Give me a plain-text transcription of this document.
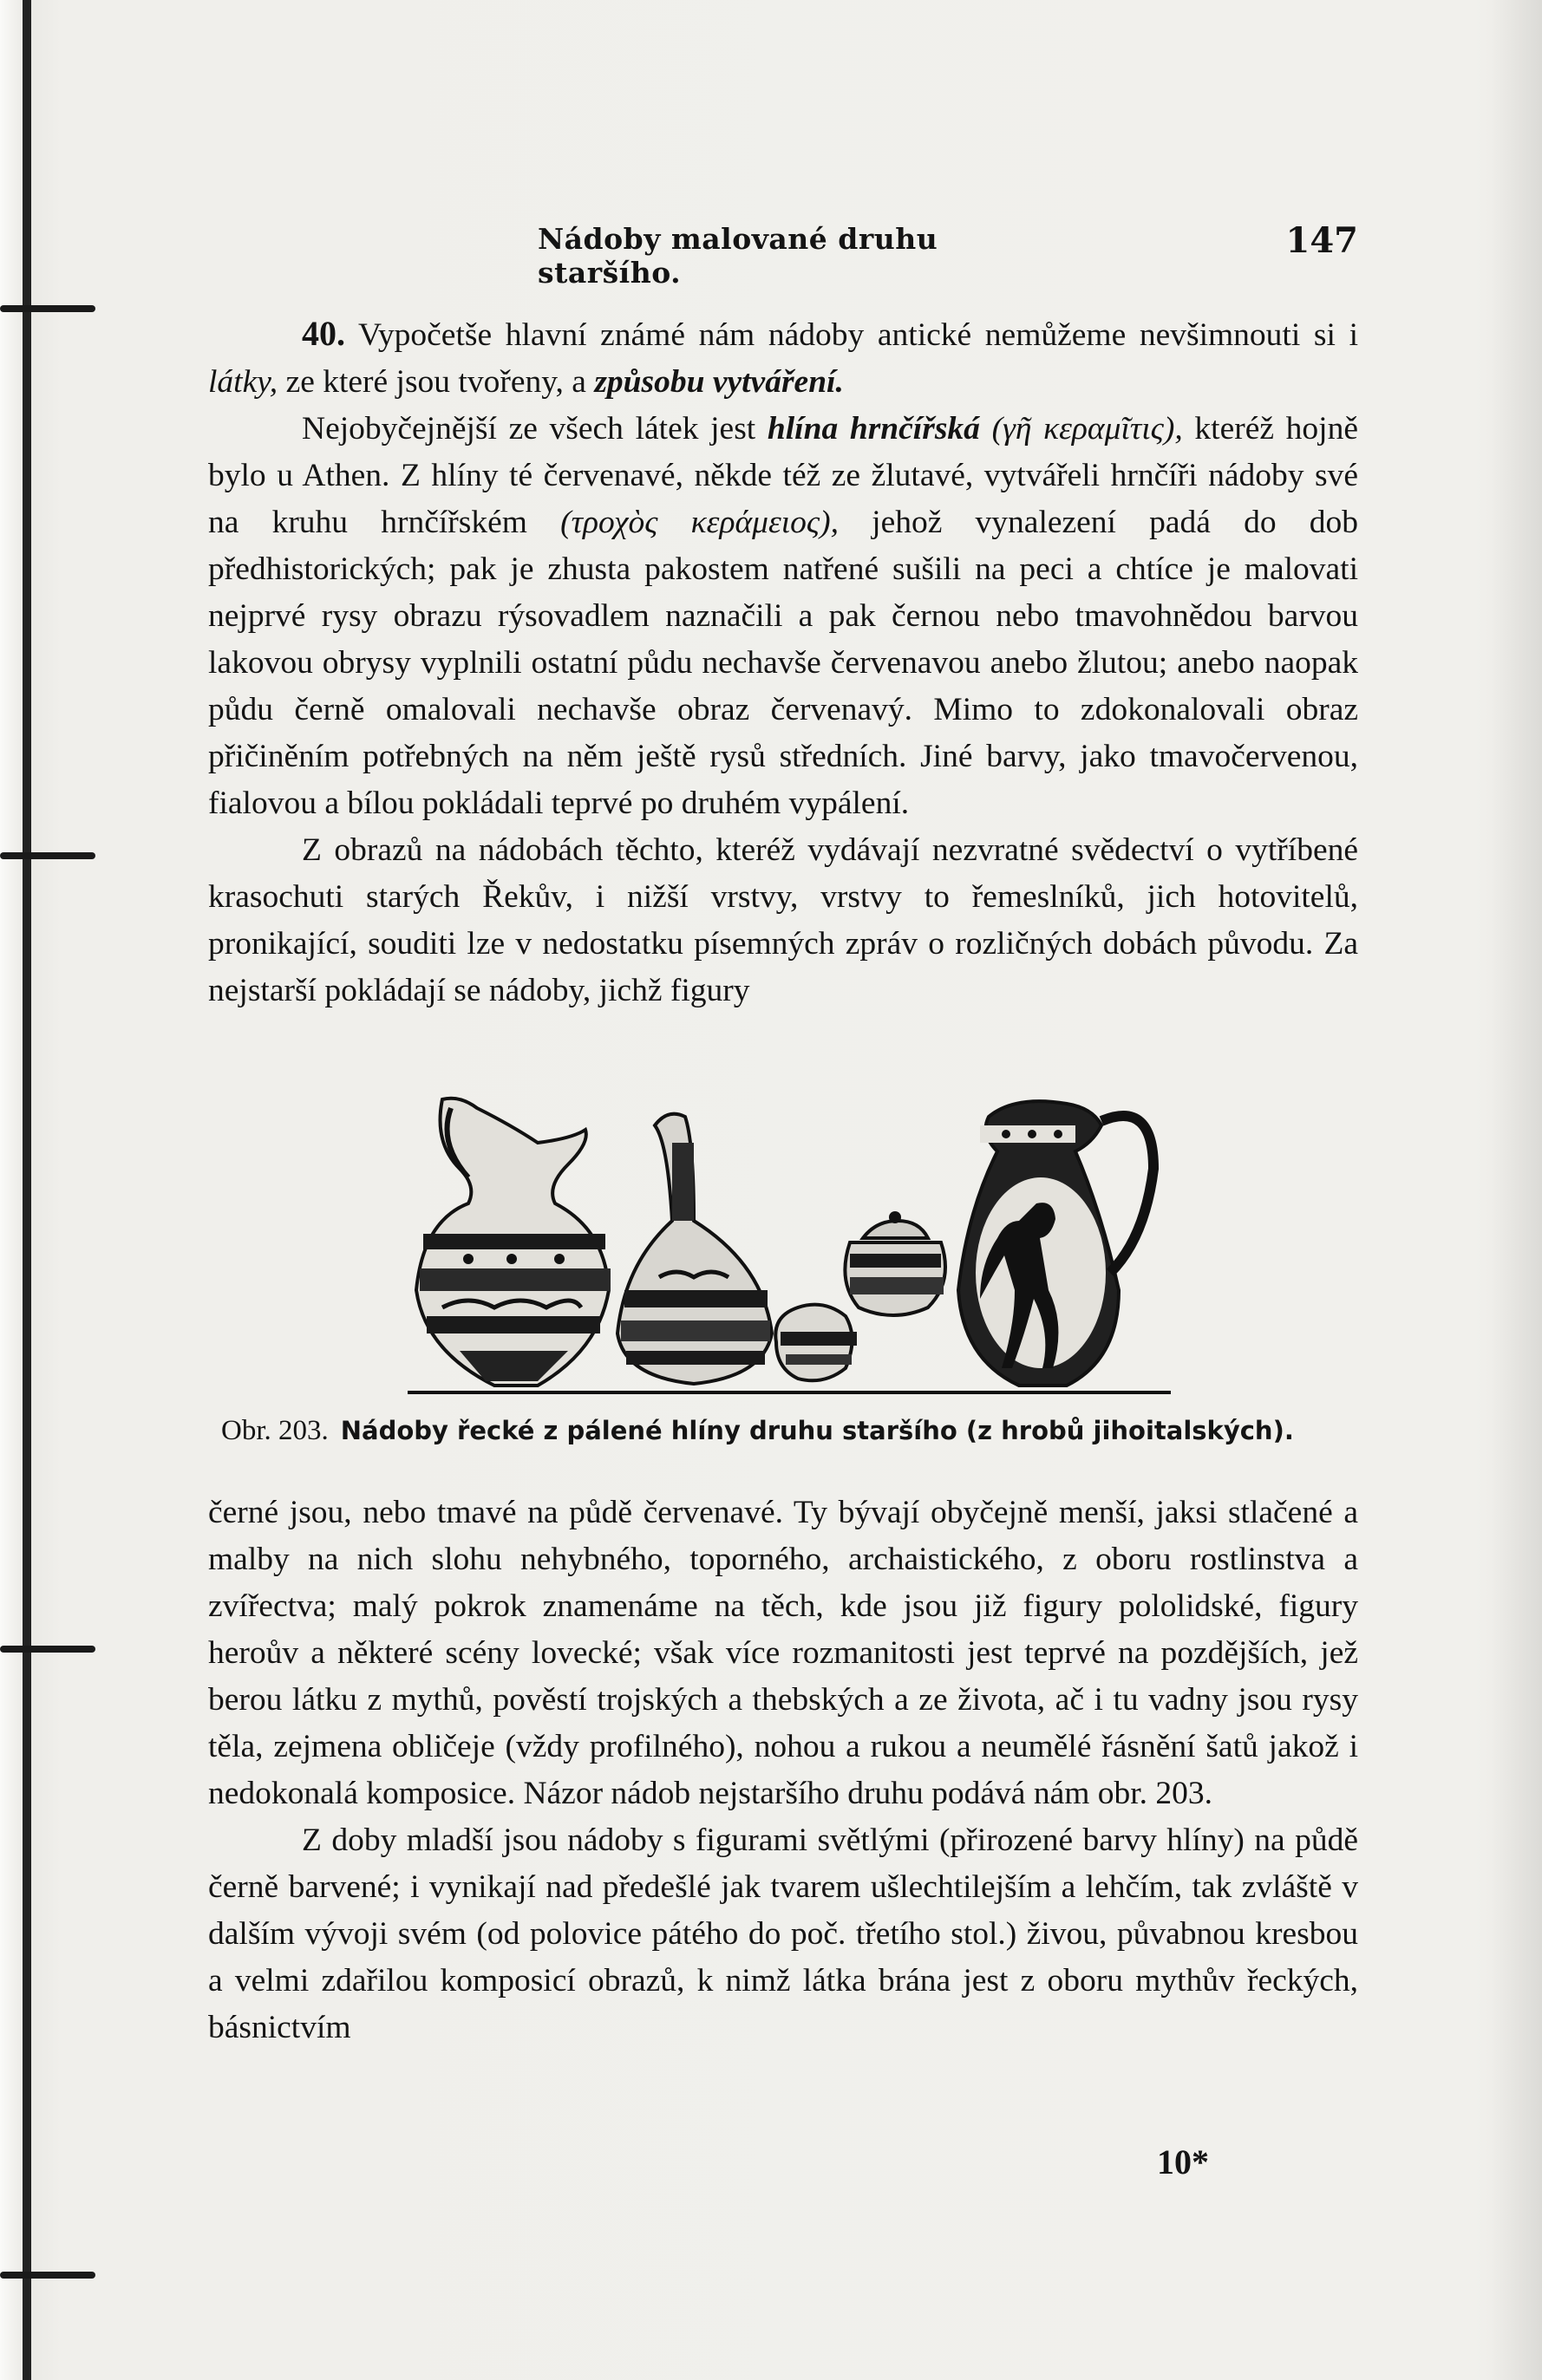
Nádoby malované druhu staršího.
147

40. Vypočetše hlavní známé nám nádoby antické nemůžeme nevšimnouti si i látky, ze které jsou tvořeny, a způsobu vytváření.

Nejobyčejnější ze všech látek jest hlína hrnčířská (γῆ κεραμῖτις), kteréž hojně bylo u Athen. Z hlíny té červenavé, někde též ze žlutavé, vytvářeli hrnčíři nádoby své na kruhu hrnčířském (τροχὸς κεράμειος), jehož vynalezení padá do dob předhistorických; pak je zhusta pakostem natřené sušili na peci a chtíce je malovati nejprvé rysy obrazu rýsovadlem naznačili a pak černou nebo tmavohnědou barvou lakovou obrysy vyplnili ostatní půdu nechavše červenavou anebo žlutou; anebo naopak půdu černě omalovali nechavše obraz červenavý. Mimo to zdokonalovali obraz přičiněním potřebných na něm ještě rysů středních. Jiné barvy, jako tmavočervenou, fialovou a bílou pokládali teprvé po druhém vypálení.

Z obrazů na nádobách těchto, kteréž vydávají nezvratné svědectví o vytříbené krasochuti starých Řekův, i nižší vrstvy, vrstvy to řemeslníků, jich hotovitelů, pronikající, souditi lze v nedostatku písemných zpráv o rozličných dobách původu. Za nejstarší pokládají se nádoby, jichž figury

Obr. 203. Nádoby řecké z pálené hlíny druhu staršího (z hrobů jihoitalských).

černé jsou, nebo tmavé na půdě červenavé. Ty bývají obyčejně menší, jaksi stlačené a malby na nich slohu nehybného, toporného, archaistického, z oboru rostlinstva a zvířectva; malý pokrok znamenáme na těch, kde jsou již figury pololidské, figury heroův a některé scény lovecké; však více rozmanitosti jest teprvé na pozdějších, jež berou látku z mythů, pověstí trojských a thebských a ze života, ač i tu vadny jsou rysy těla, zejmena obličeje (vždy profilného), nohou a rukou a neumělé řásnění šatů jakož i nedokonalá komposice. Názor nádob nejstaršího druhu podává nám obr. 203.

Z doby mladší jsou nádoby s figurami světlými (přirozené barvy hlíny) na půdě černě barvené; i vynikají nad předešlé jak tvarem ušlechtilejším a lehčím, tak zvláště v dalším vývoji svém (od polovice pátého do poč. třetího stol.) živou, půvabnou kresbou a velmi zdařilou komposicí obrazů, k nimž látka brána jest z oboru mythův řeckých, básnictvím

10*
